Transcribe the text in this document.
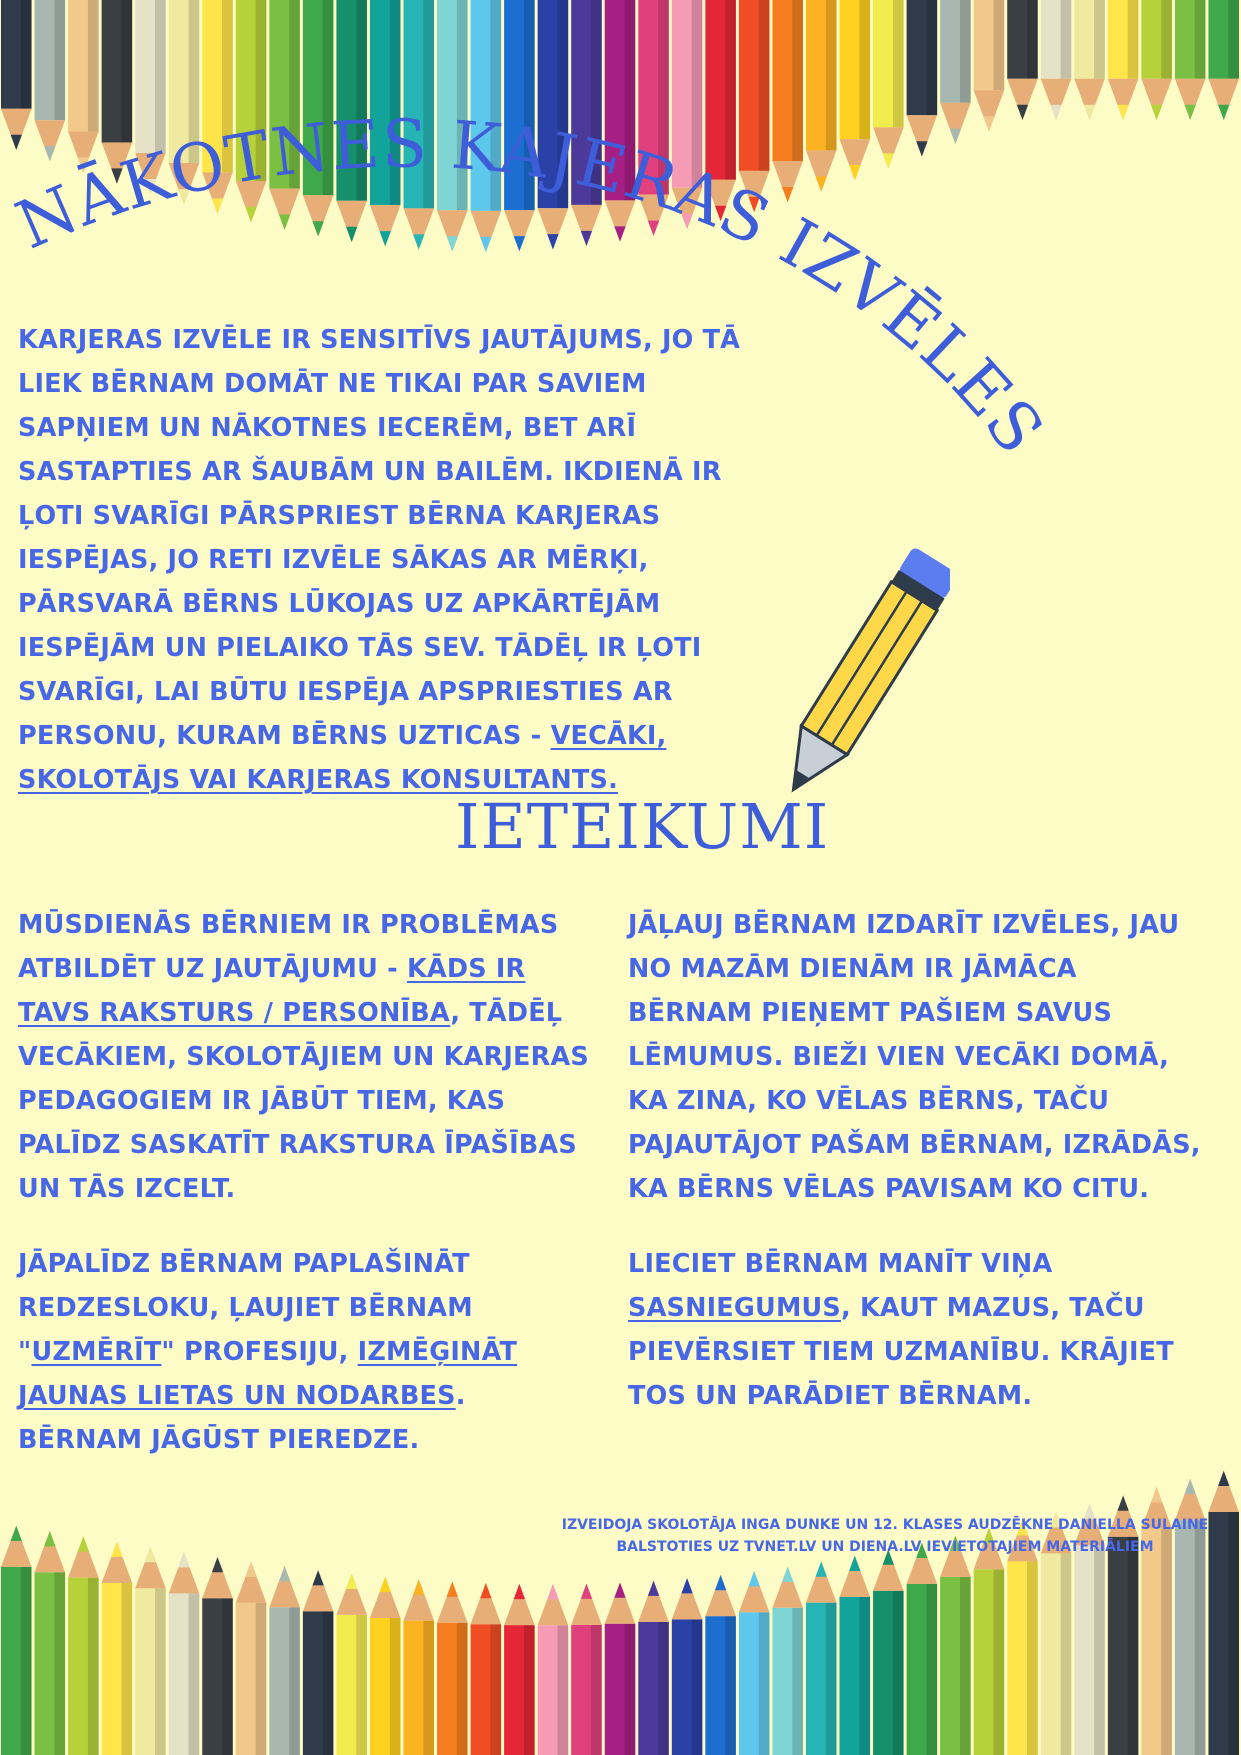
NĀKOTNES KAJERAS IZVĒLES
KARJERAS IZVĒLE IR SENSITĪVS JAUTĀJUMS, JO TĀ LIEK BĒRNAM DOMĀT NE TIKAI PAR SAVIEM SAPŅIEM UN NĀKOTNES IECERĒM, BET ARĪ SASTAPTIES AR ŠAUBĀM UN BAILĒM. IKDIENĀ IR ĻOTI SVARĪGI PĀRSPRIEST BĒRNA KARJERAS IESPĒJAS, JO RETI IZVĒLE SĀKAS AR MĒRĶI, PĀRSVARĀ BĒRNS LŪKOJAS UZ APKĀRTĒJĀM IESPĒJĀM UN PIELAIKO TĀS SEV. TĀDĒĻ IR ĻOTI SVARĪGI, LAI BŪTU IESPĒJA APSPRIESTIES AR PERSONU, KURAM BĒRNS UZTICAS - VECĀKI, SKOLOTĀJS VAI KARJERAS KONSULTANTS.
IETEIKUMI
MŪSDIENĀS BĒRNIEM IR PROBLĒMAS ATBILDĒT UZ JAUTĀJUMU - KĀDS IR TAVS RAKSTURS / PERSONĪBA, TĀDĒĻ VECĀKIEM, SKOLOTĀJIEM UN KARJERAS PEDAGOGIEM IR JĀBŪT TIEM, KAS PALĪDZ SASKATĪT RAKSTURA ĪPAŠĪBAS UN TĀS IZCELT.
JĀĻAUJ BĒRNAM IZDARĪT IZVĒLES, JAU NO MAZĀM DIENĀM IR JĀMĀCA BĒRNAM PIEŅEMT PAŠIEM SAVUS LĒMUMUS. BIEŽI VIEN VECĀKI DOMĀ, KA ZINA, KO VĒLAS BĒRNS, TAČU PAJAUTĀJOT PAŠAM BĒRNAM, IZRĀDĀS, KA BĒRNS VĒLAS PAVISAM KO CITU.
JĀPALĪDZ BĒRNAM PAPLAŠINĀT REDZESLOKU, ĻAUJIET BĒRNAM "UZMĒRĪT" PROFESIJU, IZMĒĢINĀT JAUNAS LIETAS UN NODARBES. BĒRNAM JĀGŪST PIEREDZE.
LIECIET BĒRNAM MANĪT VIŅA SASNIEGUMUS, KAUT MAZUS, TAČU PIEVĒRSIET TIEM UZMANĪBU. KRĀJIET TOS UN PARĀDIET BĒRNAM.
IZVEIDOJA SKOLOTĀJA INGA DUNKE UN 12. KLASES AUDZĒKNE DANIELLA SULAINE
BALSTOTIES UZ TVNET.LV UN DIENA.LV IEVIETOTAJIEM MATERIĀLIEM
